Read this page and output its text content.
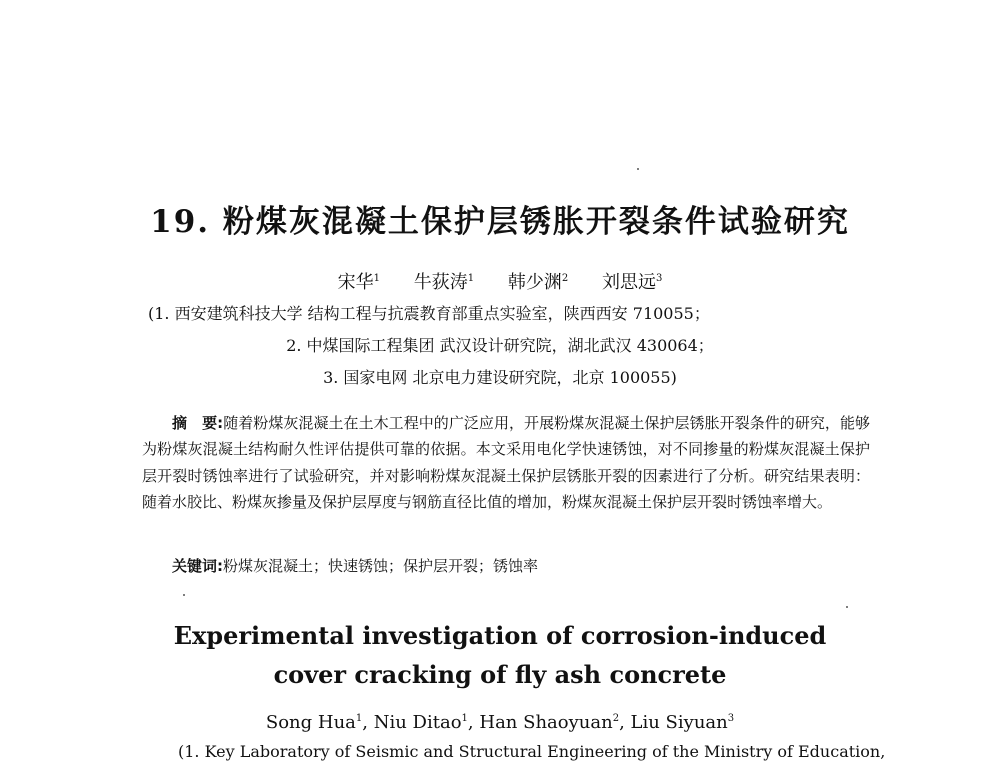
19. 粉煤灰混凝土保护层锈胀开裂条件试验研究
宋华$^1$ 牛荻涛$^1$ 韩少渊$^2$ 刘思远$^3$
(1. 西安建筑科技大学 结构工程与抗震教育部重点实验室，陕西西安 710055；
2. 中煤国际工程集团 武汉设计研究院，湖北武汉 430064；
3. 国家电网 北京电力建设研究院，北京 100055)
摘　要:随着粉煤灰混凝土在土木工程中的广泛应用，开展粉煤灰混凝土保护层锈胀开裂条件的研究，能够为粉煤灰混凝土结构耐久性评估提供可靠的依据。本文采用电化学快速锈蚀，对不同掺量的粉煤灰混凝土保护层开裂时锈蚀率进行了试验研究，并对影响粉煤灰混凝土保护层锈胀开裂的因素进行了分析。研究结果表明：随着水胶比、粉煤灰掺量及保护层厚度与钢筋直径比值的增加，粉煤灰混凝土保护层开裂时锈蚀率增大。
关键词:粉煤灰混凝土；快速锈蚀；保护层开裂；锈蚀率
Experimental investigation of corrosion-induced
cover cracking of fly ash concrete
Song Hua$^1$, Niu Ditao$^1$, Han Shaoyuan$^2$, Liu Siyuan$^3$
(1. Key Laboratory of Seismic and Structural Engineering of the Ministry of Education,
